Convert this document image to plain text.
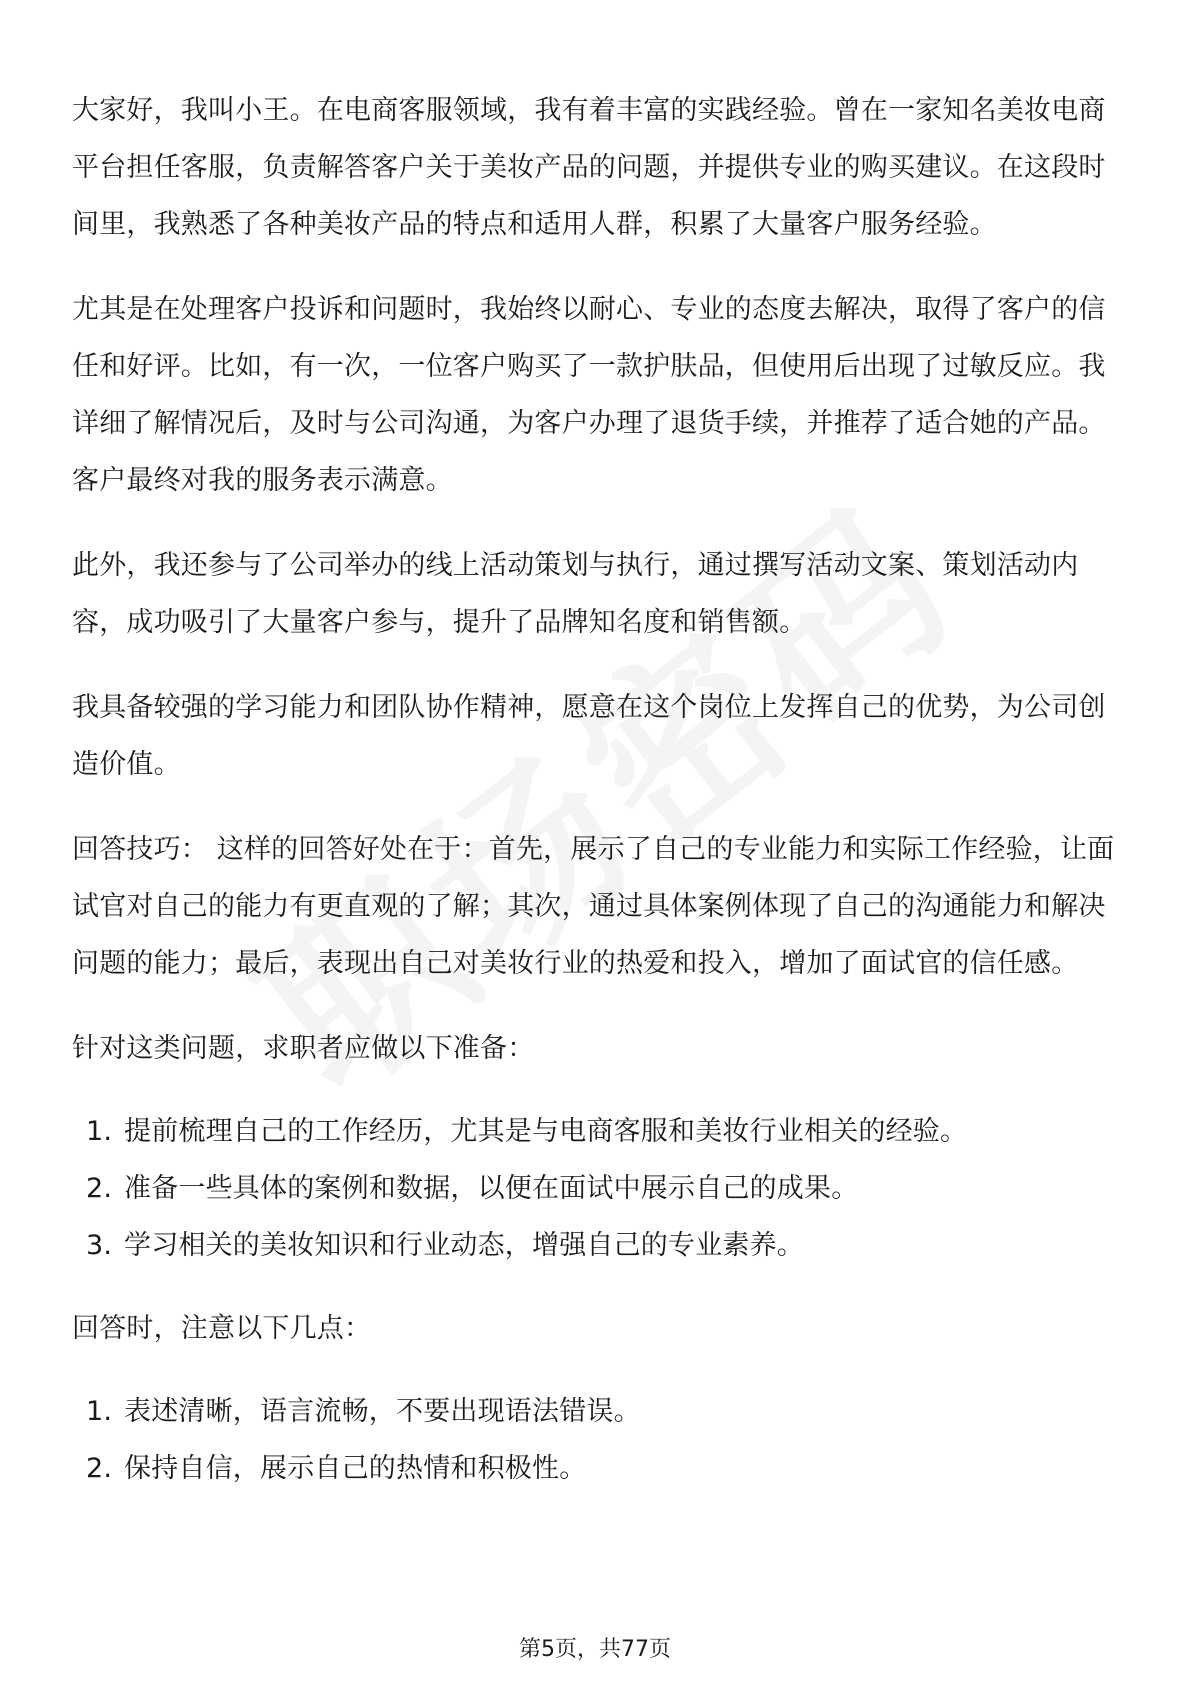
大家好，我叫小王。在电商客服领域，我有着丰富的实践经验。曾在一家知名美妆电商平台担任客服，负责解答客户关于美妆产品的问题，并提供专业的购买建议。在这段时间里，我熟悉了各种美妆产品的特点和适用人群，积累了大量客户服务经验。

尤其是在处理客户投诉和问题时，我始终以耐心、专业的态度去解决，取得了客户的信任和好评。比如，有一次，一位客户购买了一款护肤品，但使用后出现了过敏反应。我详细了解情况后，及时与公司沟通，为客户办理了退货手续，并推荐了适合她的产品。客户最终对我的服务表示满意。

此外，我还参与了公司举办的线上活动策划与执行，通过撰写活动文案、策划活动内容，成功吸引了大量客户参与，提升了品牌知名度和销售额。

我具备较强的学习能力和团队协作精神，愿意在这个岗位上发挥自己的优势，为公司创造价值。

回答技巧： 这样的回答好处在于：首先，展示了自己的专业能力和实际工作经验，让面试官对自己的能力有更直观的了解；其次，通过具体案例体现了自己的沟通能力和解决问题的能力；最后，表现出自己对美妆行业的热爱和投入，增加了面试官的信任感。

针对这类问题，求职者应做以下准备：

1. 提前梳理自己的工作经历，尤其是与电商客服和美妆行业相关的经验。
2. 准备一些具体的案例和数据，以便在面试中展示自己的成果。
3. 学习相关的美妆知识和行业动态，增强自己的专业素养。

回答时，注意以下几点：

1. 表述清晰，语言流畅，不要出现语法错误。
2. 保持自信，展示自己的热情和积极性。
第5页，共77页
